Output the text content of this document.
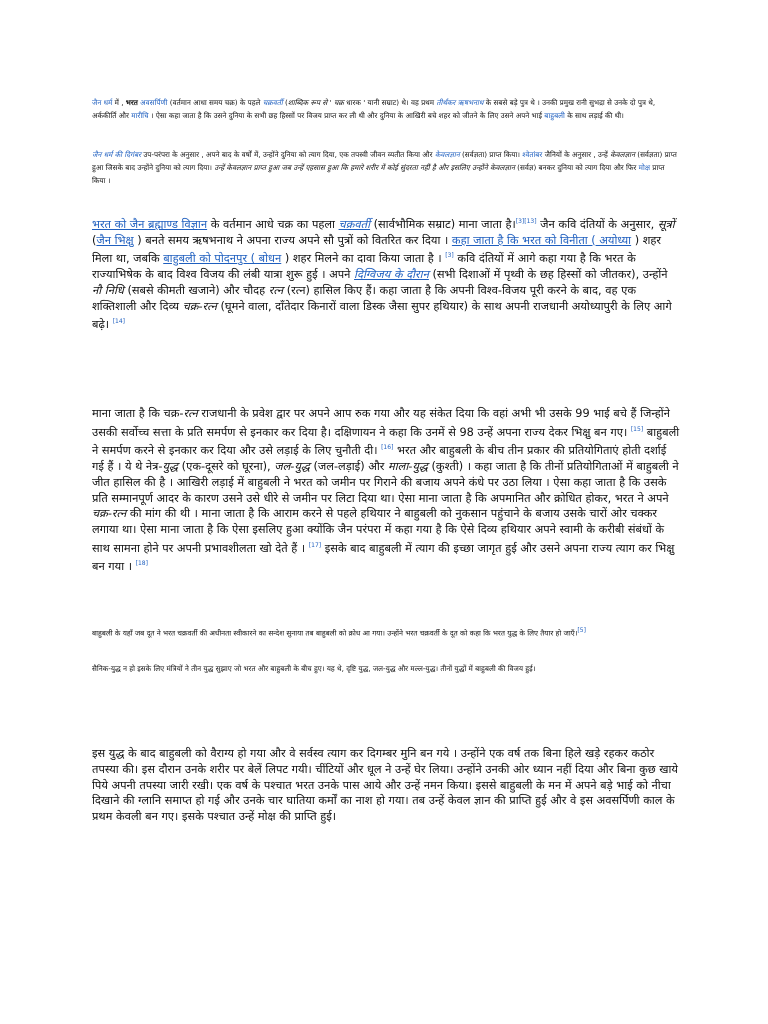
जैन धर्म में , भरत अवसर्पिणी (वर्तमान आधा समय चक्र) के पहले चक्रवर्ती (शाब्दिक रूप से ' चक्र धारक ' यानी सम्राट) थे। वह प्रथम तीर्थंकर ऋषभनाथ के सबसे बड़े पुत्र थे । उनकी प्रमुख रानी सुभद्रा से उनके दो पुत्र थे, अर्ककीर्ति और मारीचि । ऐसा कहा जाता है कि उसने दुनिया के सभी छह हिस्सों पर विजय प्राप्त कर ली थी और दुनिया के आखिरी बचे शहर को जीतने के लिए उसने अपने भाई बाहुबली के साथ लड़ाई की थी।

जैन धर्म की दिगंबर उप-परंपरा के अनुसार , अपने बाद के वर्षों में, उन्होंने दुनिया को त्याग दिया, एक तपस्वी जीवन व्यतीत किया और केवलज्ञान (सर्वज्ञता) प्राप्त किया। श्वेतांबर जैनियों के अनुसार , उन्हें केवलज्ञान (सर्वज्ञता) प्राप्त हुआ जिसके बाद उन्होंने दुनिया को त्याग दिया। उन्हें केवलज्ञान प्राप्त हुआ जब उन्हें एहसास हुआ कि हमारे शरीर में कोई सुंदरता नहीं है और इसलिए उन्होंने केवलज्ञान (सर्वज्ञ) बनकर दुनिया को त्याग दिया और फिर मोक्ष प्राप्त किया ।

भरत को जैन ब्रह्माण्ड विज्ञान के वर्तमान आधे चक्र का पहला चक्रवर्ती (सार्वभौमिक सम्राट) माना जाता है।[3][13] जैन कवि दंतियों के अनुसार, सूत्रों (जैन भिक्षु ) बनते समय ऋषभनाथ ने अपना राज्य अपने सौ पुत्रों को वितरित कर दिया । कहा जाता है कि भरत को विनीता ( अयोध्या ) शहर मिला था, जबकि बाहुबली को पोदनपुर ( बोधन ) शहर मिलने का दावा किया जाता है । [3] कवि दंतियों में आगे कहा गया है कि भरत के राज्याभिषेक के बाद विश्व विजय की लंबी यात्रा शुरू हुई । अपने दिग्विजय के दौरान (सभी दिशाओं में पृथ्वी के छह हिस्सों को जीतकर), उन्होंने नौ निधि (सबसे कीमती खजाने) और चौदह रत्न (रत्न) हासिल किए हैं। कहा जाता है कि अपनी विश्व-विजय पूरी करने के बाद, वह एक शक्तिशाली और दिव्य चक्र-रत्न (घूमने वाला, दाँतेदार किनारों वाला डिस्क जैसा सुपर हथियार) के साथ अपनी राजधानी अयोध्यापुरी के लिए आगे बढ़े। [14]

माना जाता है कि चक्र-रत्न राजधानी के प्रवेश द्वार पर अपने आप रुक गया और यह संकेत दिया कि वहां अभी भी उसके 99 भाई बचे हैं जिन्होंने उसकी सर्वोच्च सत्ता के प्रति समर्पण से इनकार कर दिया है। दक्षिणायन ने कहा कि उनमें से 98 उन्हें अपना राज्य देकर भिक्षु बन गए। [15] बाहुबली ने समर्पण करने से इनकार कर दिया और उसे लड़ाई के लिए चुनौती दी। [16] भरत और बाहुबली के बीच तीन प्रकार की प्रतियोगिताएं होती दर्शाई गई हैं । ये थे नेत्र-युद्ध (एक-दूसरे को घूरना), जल-युद्ध (जल-लड़ाई) और माला-युद्ध (कुश्ती) । कहा जाता है कि तीनों प्रतियोगिताओं में बाहुबली ने जीत हासिल की है । आखिरी लड़ाई में बाहुबली ने भरत को जमीन पर गिराने की बजाय अपने कंधे पर उठा लिया । ऐसा कहा जाता है कि उसके प्रति सम्मानपूर्ण आदर के कारण उसने उसे धीरे से जमीन पर लिटा दिया था। ऐसा माना जाता है कि अपमानित और क्रोधित होकर, भरत ने अपने चक्र-रत्न की मांग की थी । माना जाता है कि आराम करने से पहले हथियार ने बाहुबली को नुकसान पहुंचाने के बजाय उसके चारों ओर चक्कर लगाया था। ऐसा माना जाता है कि ऐसा इसलिए हुआ क्योंकि जैन परंपरा में कहा गया है कि ऐसे दिव्य हथियार अपने स्वामी के करीबी संबंधों के साथ सामना होने पर अपनी प्रभावशीलता खो देते हैं । [17] इसके बाद बाहुबली में त्याग की इच्छा जागृत हुई और उसने अपना राज्य त्याग कर भिक्षु बन गया । [18]

बाहुबली के यहाँ जब दूत ने भरत चक्रवर्ती की अधीनता स्वीकारने का सन्देश सुनाया तब बाहुबली को क्रोध आ गया। उन्होंने भरत चक्रवर्ती के दूत को कहा कि भरत युद्ध के लिए तैयार हो जाएँ।[5]

सैनिक-युद्ध न हो इसके लिए मंत्रियों ने तीन युद्ध सुझाए जो भरत और बाहुबली के बीच हुए। यह थे, दृष्टि युद्ध, जल-युद्ध और मल्ल-युद्ध। तीनों युद्धों में बाहुबली की विजय हुई।

इस युद्ध के बाद बाहुबली को वैराग्य हो गया और वे सर्वस्व त्याग कर दिगम्बर मुनि बन गये । उन्होंने एक वर्ष तक बिना हिले खड़े रहकर कठोर तपस्या की। इस दौरान उनके शरीर पर बेलें लिपट गयी। चींटियों और धूल ने उन्हें घेर लिया। उन्होंने उनकी ओर ध्यान नहीं दिया और बिना कुछ खाये पिये अपनी तपस्या जारी रखी। एक वर्ष के पश्चात भरत उनके पास आये और उन्हें नमन किया। इससे बाहुबली के मन में अपने बड़े भाई को नीचा दिखाने की ग्लानि समाप्त हो गई और उनके चार घातिया कर्मों का नाश हो गया। तब उन्हें केवल ज्ञान की प्राप्ति हुई और वे इस अवसर्पिणी काल के प्रथम केवली बन गए। इसके पश्चात उन्हें मोक्ष की प्राप्ति हुई।
